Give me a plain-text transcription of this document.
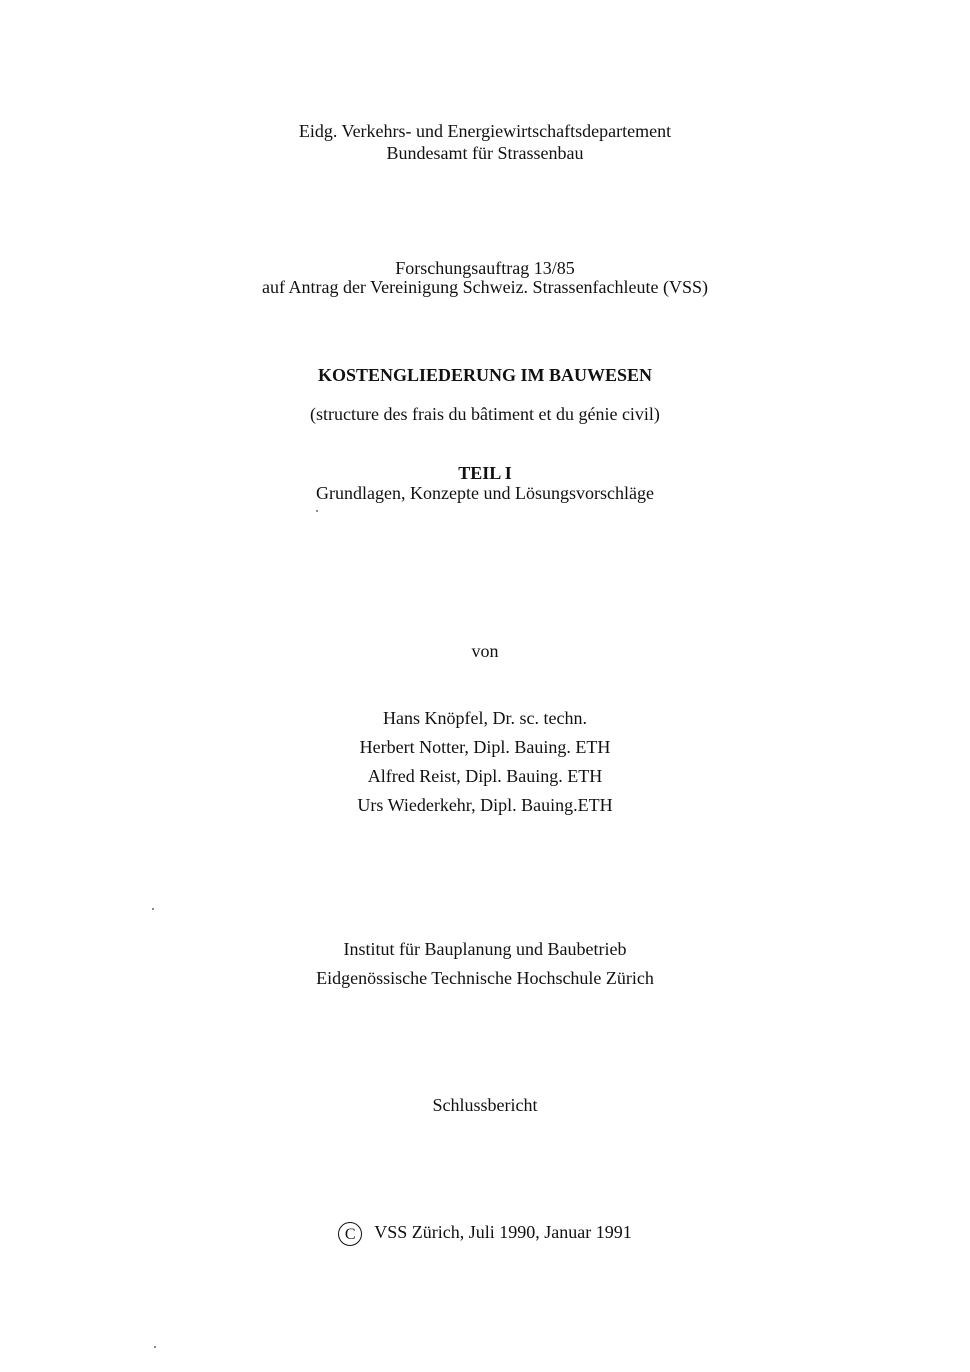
Eidg. Verkehrs- und Energiewirtschaftsdepartement
Bundesamt für Strassenbau
Forschungsauftrag 13/85
auf Antrag der Vereinigung Schweiz. Strassenfachleute (VSS)
KOSTENGLIEDERUNG IM BAUWESEN
(structure des frais du bâtiment et du génie civil)
TEIL I
Grundlagen, Konzepte und Lösungsvorschläge
von
Hans Knöpfel, Dr. sc. techn.
Herbert Notter, Dipl. Bauing. ETH
Alfred Reist, Dipl. Bauing. ETH
Urs Wiederkehr, Dipl. Bauing.ETH
Institut für Bauplanung und Baubetrieb
Eidgenössische Technische Hochschule Zürich
Schlussbericht
C VSS Zürich, Juli 1990, Januar 1991
